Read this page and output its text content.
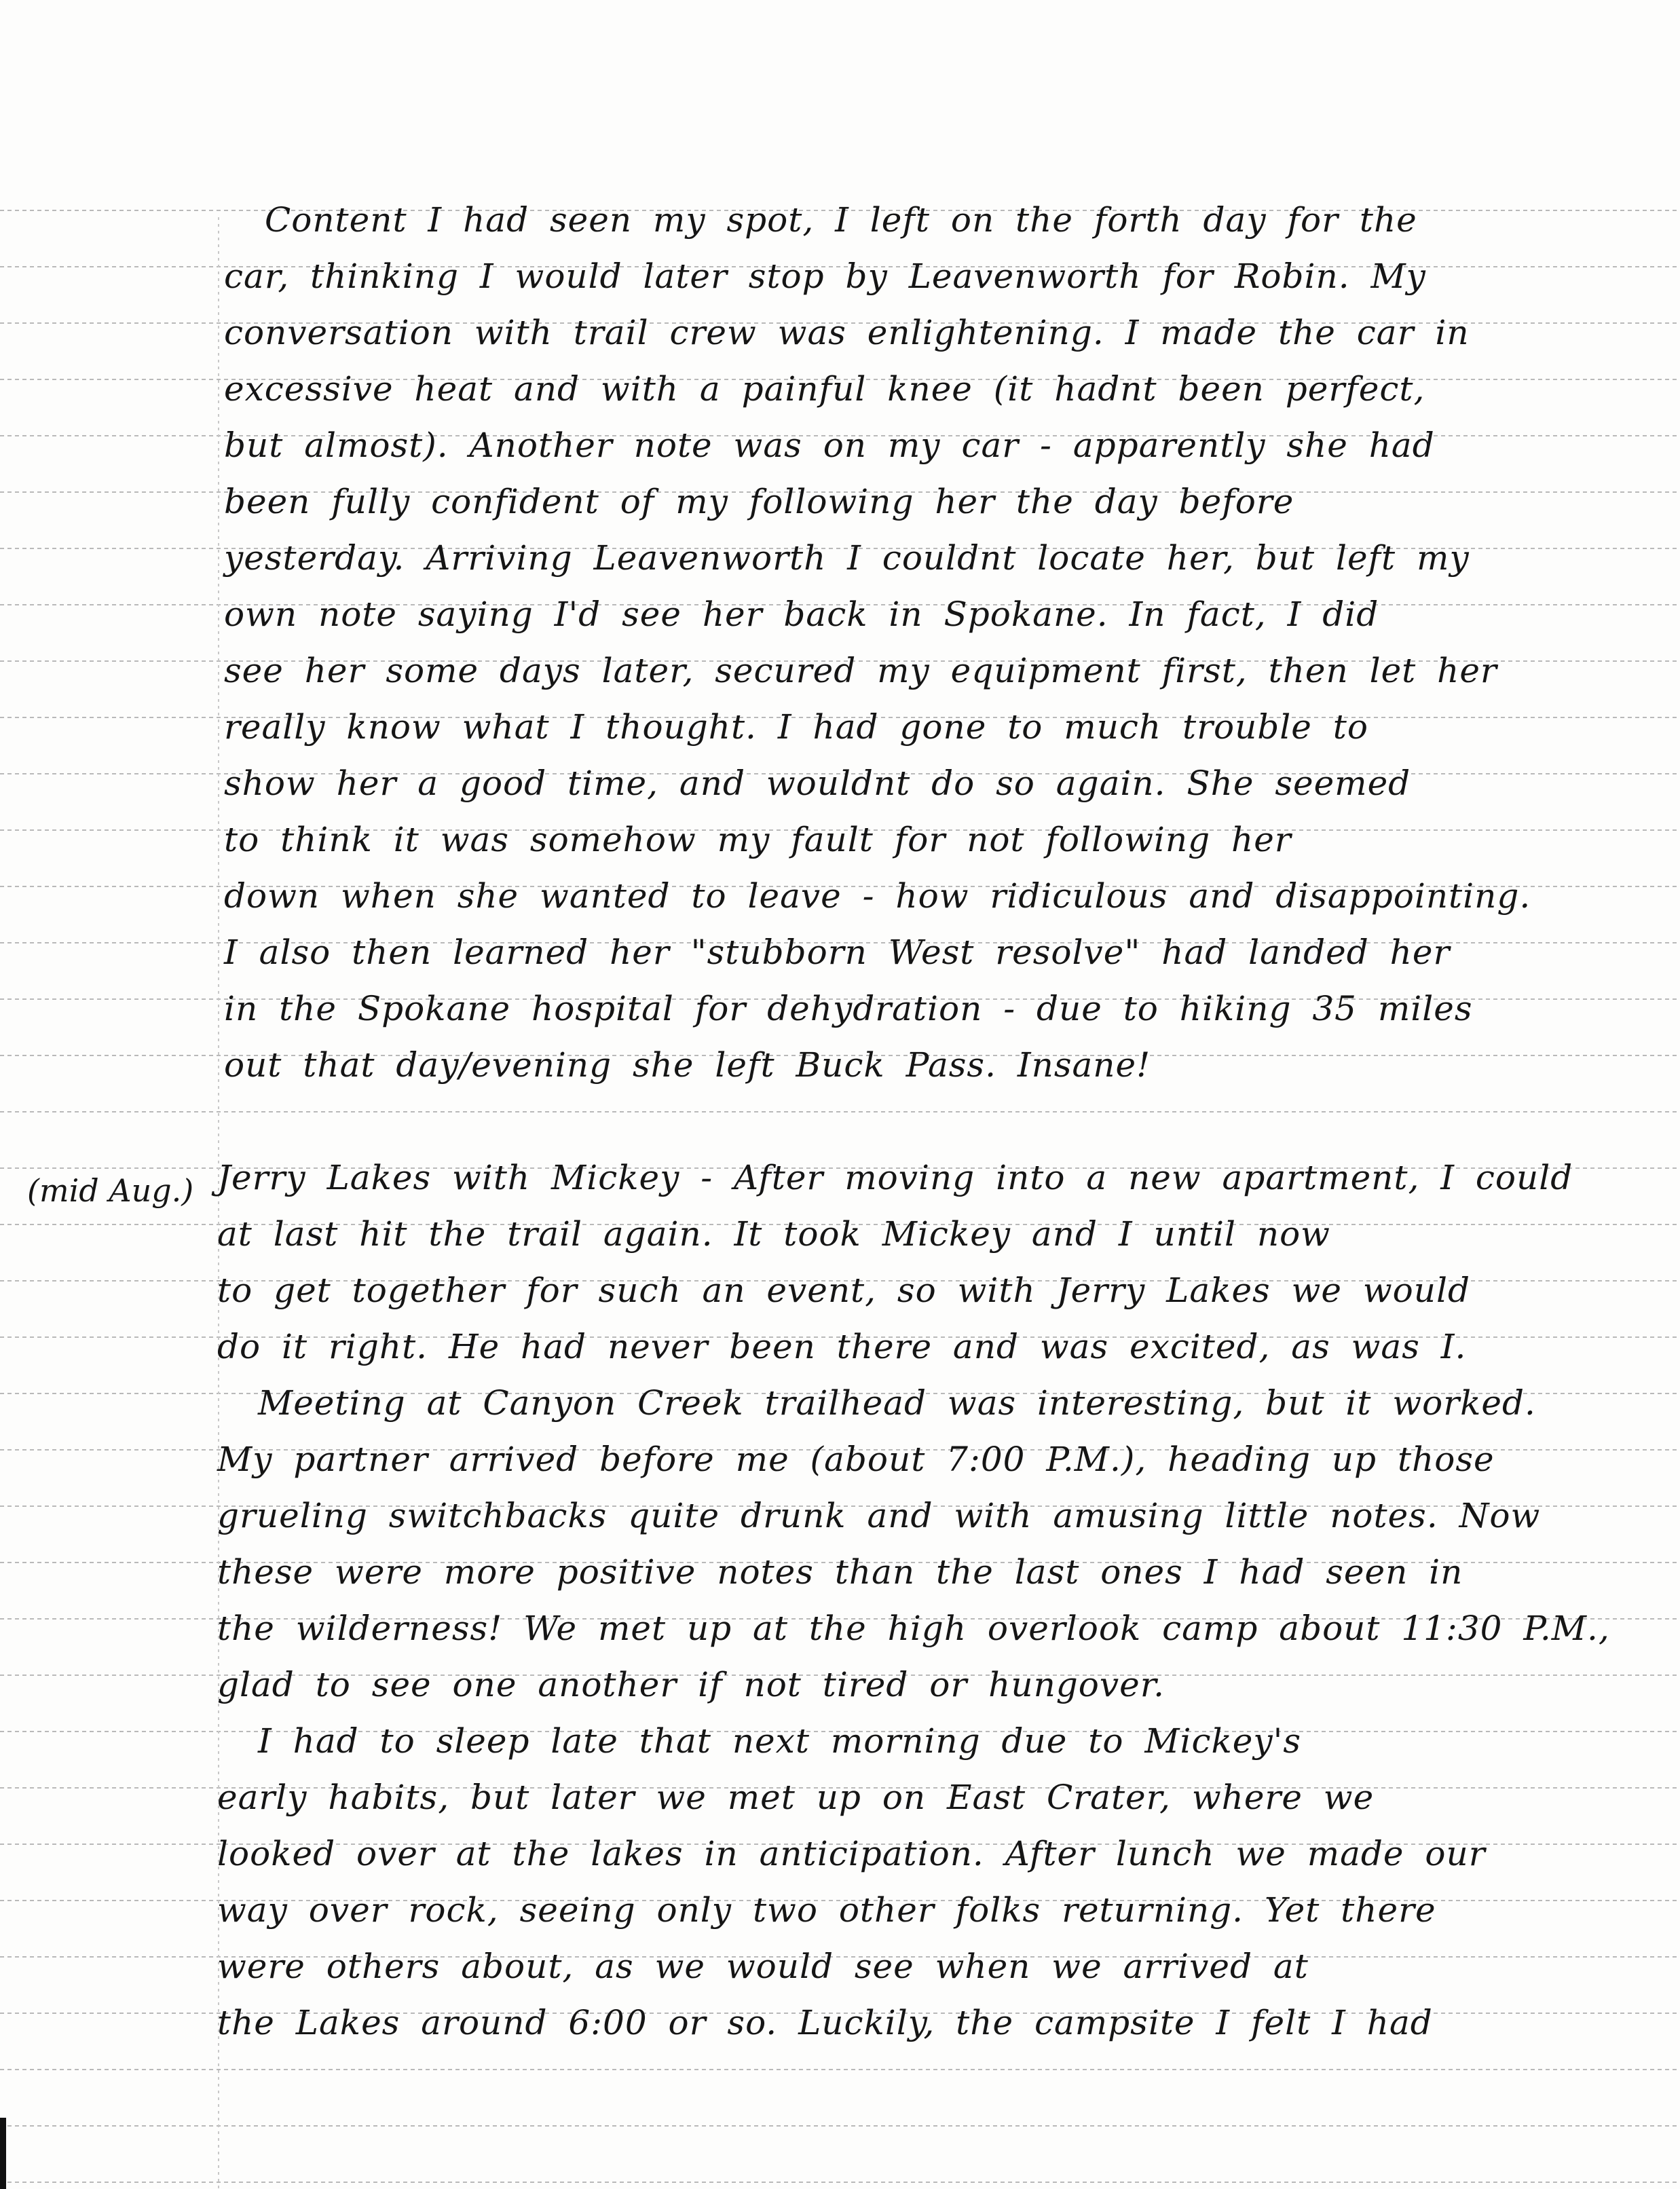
(mid Aug.)
Content I had seen my spot, I left on the forth day for the
car, thinking I would later stop by Leavenworth for Robin. My
conversation with trail crew was enlightening. I made the car in
excessive heat and with a painful knee (it hadnt been perfect,
but almost). Another note was on my car - apparently she had
been fully confident of my following her the day before
yesterday. Arriving Leavenworth I couldnt locate her, but left my
own note saying I'd see her back in Spokane. In fact, I did
see her some days later, secured my equipment first, then let her
really know what I thought. I had gone to much trouble to
show her a good time, and wouldnt do so again. She seemed
to think it was somehow my fault for not following her
down when she wanted to leave - how ridiculous and disappointing.
I also then learned her "stubborn West resolve" had landed her
in the Spokane hospital for dehydration - due to hiking 35 miles
out that day/evening she left Buck Pass. Insane!
Jerry Lakes with Mickey - After moving into a new apartment, I could
at last hit the trail again. It took Mickey and I until now
to get together for such an event, so with Jerry Lakes we would
do it right. He had never been there and was excited, as was I.
Meeting at Canyon Creek trailhead was interesting, but it worked.
My partner arrived before me (about 7:00 P.M.), heading up those
grueling switchbacks quite drunk and with amusing little notes. Now
these were more positive notes than the last ones I had seen in
the wilderness! We met up at the high overlook camp about 11:30 P.M.,
glad to see one another if not tired or hungover.
I had to sleep late that next morning due to Mickey's
early habits, but later we met up on East Crater, where we
looked over at the lakes in anticipation. After lunch we made our
way over rock, seeing only two other folks returning. Yet there
were others about, as we would see when we arrived at
the Lakes around 6:00 or so. Luckily, the campsite I felt I had
